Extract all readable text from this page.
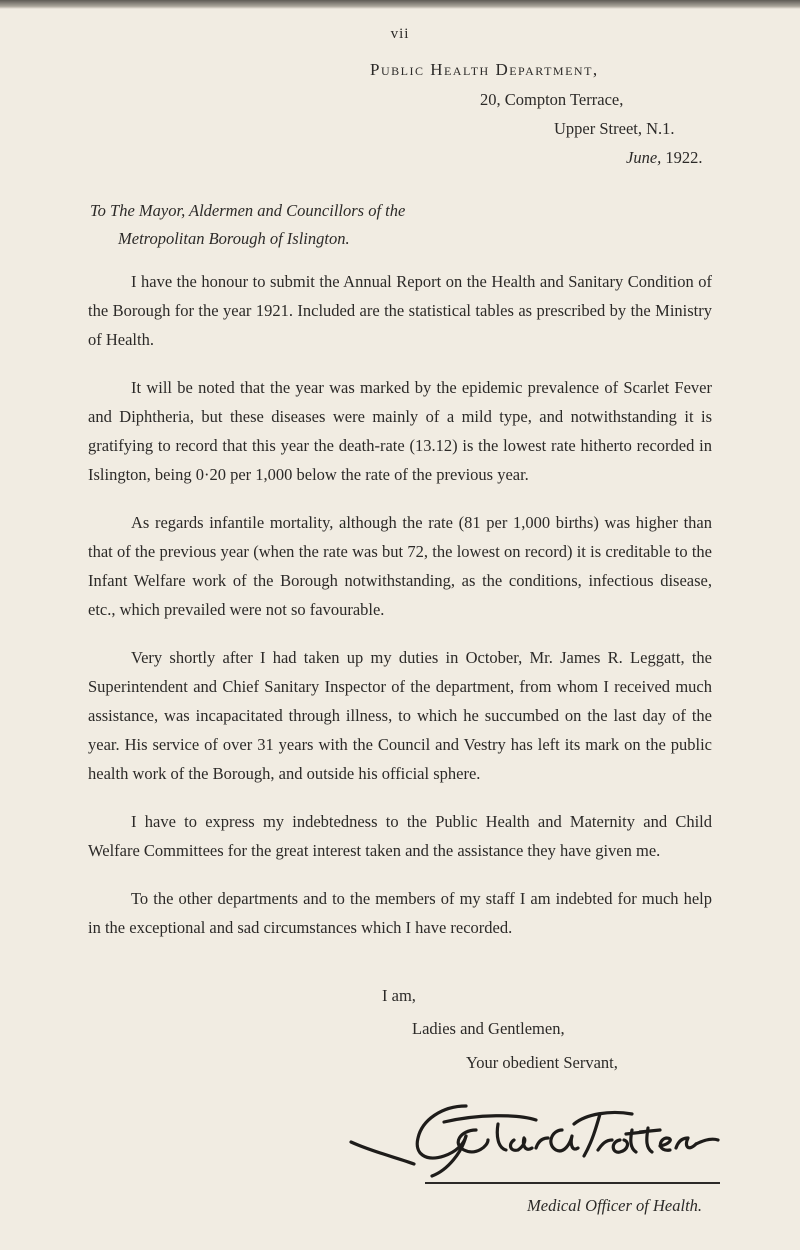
vii
Public Health Department,
20, Compton Terrace,
Upper Street, N.1.
June, 1922.
To The Mayor, Aldermen and Councillors of the
Metropolitan Borough of Islington.

I have the honour to submit the Annual Report on the Health and Sanitary Condition of the Borough for the year 1921. Included are the statistical tables as prescribed by the Ministry of Health.

It will be noted that the year was marked by the epidemic prevalence of Scarlet Fever and Diphtheria, but these diseases were mainly of a mild type, and notwithstanding it is gratifying to record that this year the death-rate (13.12) is the lowest rate hitherto recorded in Islington, being 0·20 per 1,000 below the rate of the previous year.

As regards infantile mortality, although the rate (81 per 1,000 births) was higher than that of the previous year (when the rate was but 72, the lowest on record) it is creditable to the Infant Welfare work of the Borough notwithstanding, as the conditions, infectious disease, etc., which prevailed were not so favourable.

Very shortly after I had taken up my duties in October, Mr. James R. Leggatt, the Superintendent and Chief Sanitary Inspector of the department, from whom I received much assistance, was incapacitated through illness, to which he succumbed on the last day of the year. His service of over 31 years with the Council and Vestry has left its mark on the public health work of the Borough, and outside his official sphere.

I have to express my indebtedness to the Public Health and Maternity and Child Welfare Committees for the great interest taken and the assistance they have given me.

To the other departments and to the members of my staff I am indebted for much help in the exceptional and sad circumstances which I have recorded.

I am,
Ladies and Gentlemen,
Your obedient Servant,
Medical Officer of Health.
